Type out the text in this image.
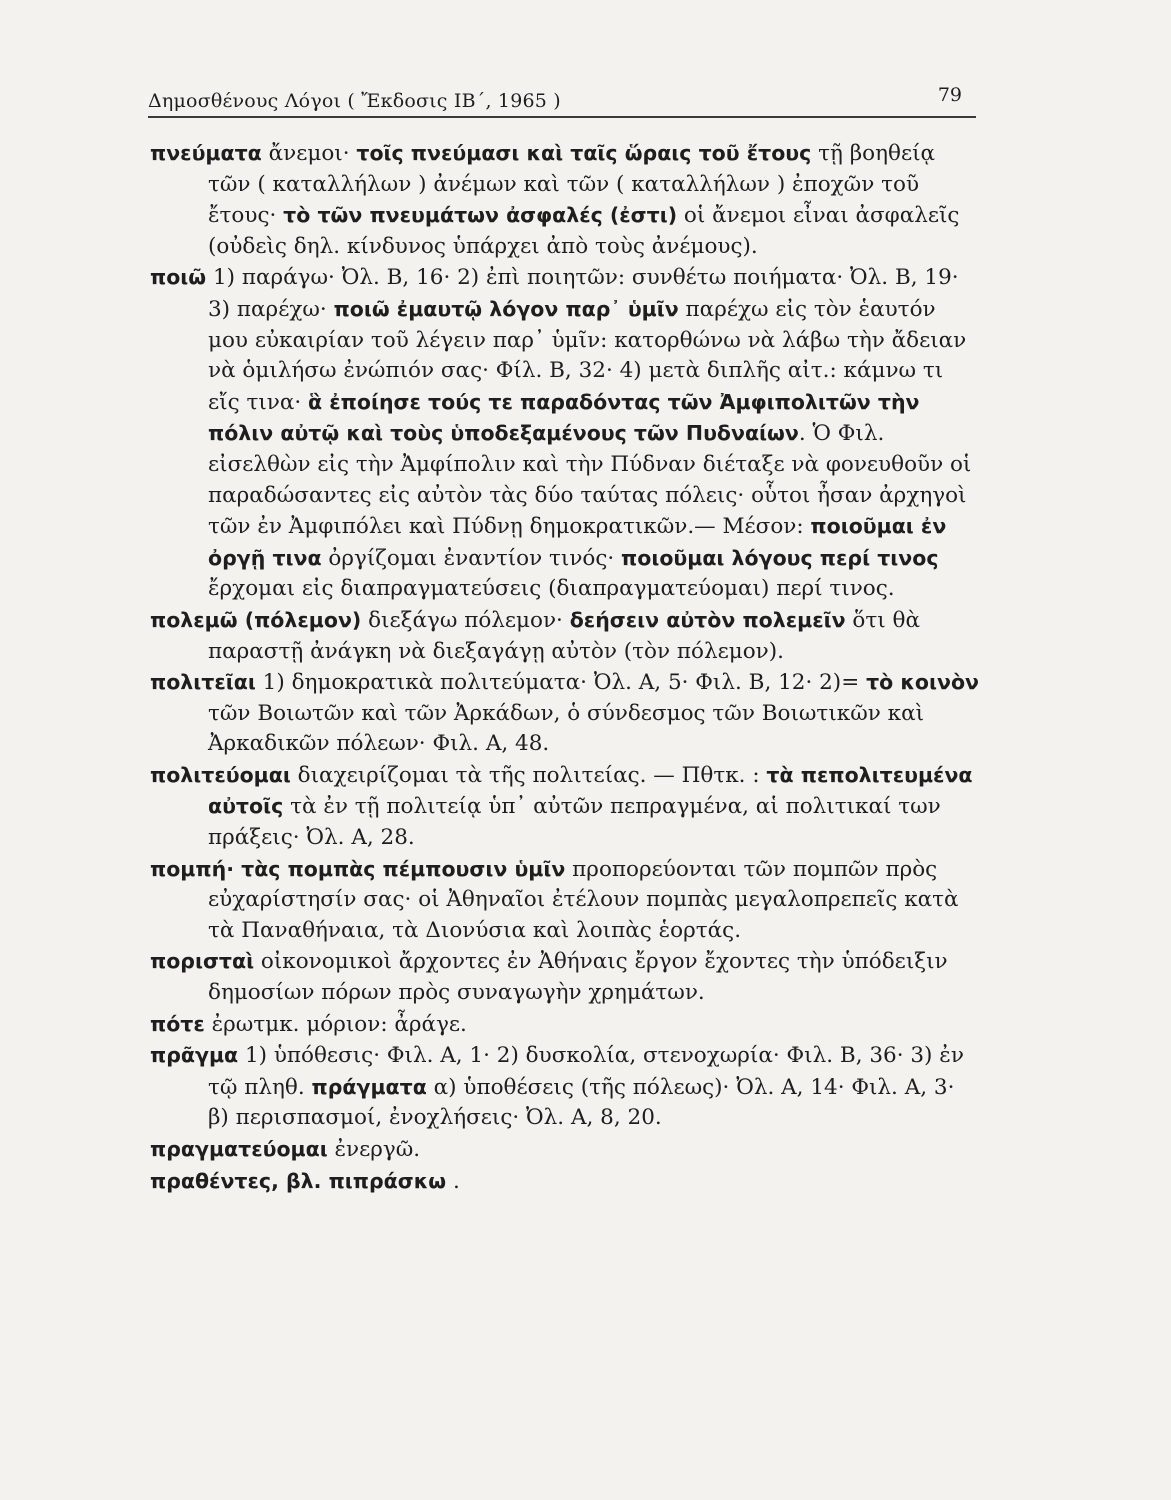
Δημοσθένους Λόγοι ( Ἔκδοσις ΙΒ΄, 1965 )	79

πνεύματα ἄνεμοι· τοῖς πνεύμασι καὶ ταῖς ὥραις τοῦ ἔτους τῇ βοηθείᾳ τῶν ( καταλλήλων ) ἀνέμων καὶ τῶν ( καταλλήλων ) ἐποχῶν τοῦ ἔτους· τὸ τῶν πνευμάτων ἀσφαλές (ἐστι) οἱ ἄνεμοι εἶναι ἀσφαλεῖς (οὐδεὶς δηλ. κίνδυνος ὑπάρχει ἀπὸ τοὺς ἀνέμους).

ποιῶ 1) παράγω· Ὀλ. Β, 16· 2) ἐπὶ ποιητῶν: συνθέτω ποιήματα· Ὀλ. Β, 19· 3) παρέχω· ποιῶ ἐμαυτῷ λόγον παρ᾽ ὑμῖν παρέχω εἰς τὸν ἑαυτόν μου εὐκαιρίαν τοῦ λέγειν παρ᾽ ὑμῖν: κατορθώνω νὰ λάβω τὴν ἄδειαν νὰ ὁμιλήσω ἐνώπιόν σας· Φίλ. Β, 32· 4) μετὰ διπλῆς αἰτ.: κάμνω τι εἴς τινα· ἃ ἐποίησε τούς τε παραδόντας τῶν Ἀμφιπολιτῶν τὴν πόλιν αὐτῷ καὶ τοὺς ὑποδεξαμένους τῶν Πυδναίων. Ὁ Φιλ. εἰσελθὼν εἰς τὴν Ἀμφίπολιν καὶ τὴν Πύδναν διέταξε νὰ φονευθοῦν οἱ παραδώσαντες εἰς αὐτὸν τὰς δύο ταύτας πόλεις· οὗτοι ἦσαν ἀρχηγοὶ τῶν ἐν Ἀμφιπόλει καὶ Πύδνῃ δημοκρατικῶν.— Μέσον: ποιοῦμαι ἐν ὀργῇ τινα ὀργίζομαι ἐναντίον τινός· ποιοῦμαι λόγους περί τινος ἔρχομαι εἰς διαπραγματεύσεις (διαπραγματεύομαι) περί τινος.

πολεμῶ (πόλεμον) διεξάγω πόλεμον· δεήσειν αὐτὸν πολεμεῖν ὅτι θὰ παραστῇ ἀνάγκη νὰ διεξαγάγῃ αὐτὸν (τὸν πόλεμον).

πολιτεῖαι 1) δημοκρατικὰ πολιτεύματα· Ὀλ. Α, 5· Φιλ. Β, 12· 2)= τὸ κοινὸν τῶν Βοιωτῶν καὶ τῶν Ἀρκάδων, ὁ σύνδεσμος τῶν Βοιωτικῶν καὶ Ἀρκαδικῶν πόλεων· Φιλ. Α, 48.

πολιτεύομαι διαχειρίζομαι τὰ τῆς πολιτείας. — Πθτκ. : τὰ πεπολιτευμένα αὐτοῖς τὰ ἐν τῇ πολιτείᾳ ὑπ᾽ αὐτῶν πεπραγμένα, αἱ πολιτικαί των πράξεις· Ὀλ. Α, 28.

πομπή· τὰς πομπὰς πέμπουσιν ὑμῖν προπορεύονται τῶν πομπῶν πρὸς εὐχαρίστησίν σας· οἱ Ἀθηναῖοι ἐτέλουν πομπὰς μεγαλοπρεπεῖς κατὰ τὰ Παναθήναια, τὰ Διονύσια καὶ λοιπὰς ἑορτάς.

πορισταὶ οἰκονομικοὶ ἄρχοντες ἐν Ἀθήναις ἔργον ἔχοντες τὴν ὑπόδειξιν δημοσίων πόρων πρὸς συναγωγὴν χρημάτων.

πότε ἐρωτμκ. μόριον: ἆράγε.

πρᾶγμα 1) ὑπόθεσις· Φιλ. Α, 1· 2) δυσκολία, στενοχωρία· Φιλ. Β, 36· 3) ἐν τῷ πληθ. πράγματα α) ὑποθέσεις (τῆς πόλεως)· Ὀλ. Α, 14· Φιλ. Α, 3· β) περισπασμοί, ἐνοχλήσεις· Ὀλ. Α, 8, 20.

πραγματεύομαι ἐνεργῶ.

πραθέντες, βλ. πιπράσκω .
